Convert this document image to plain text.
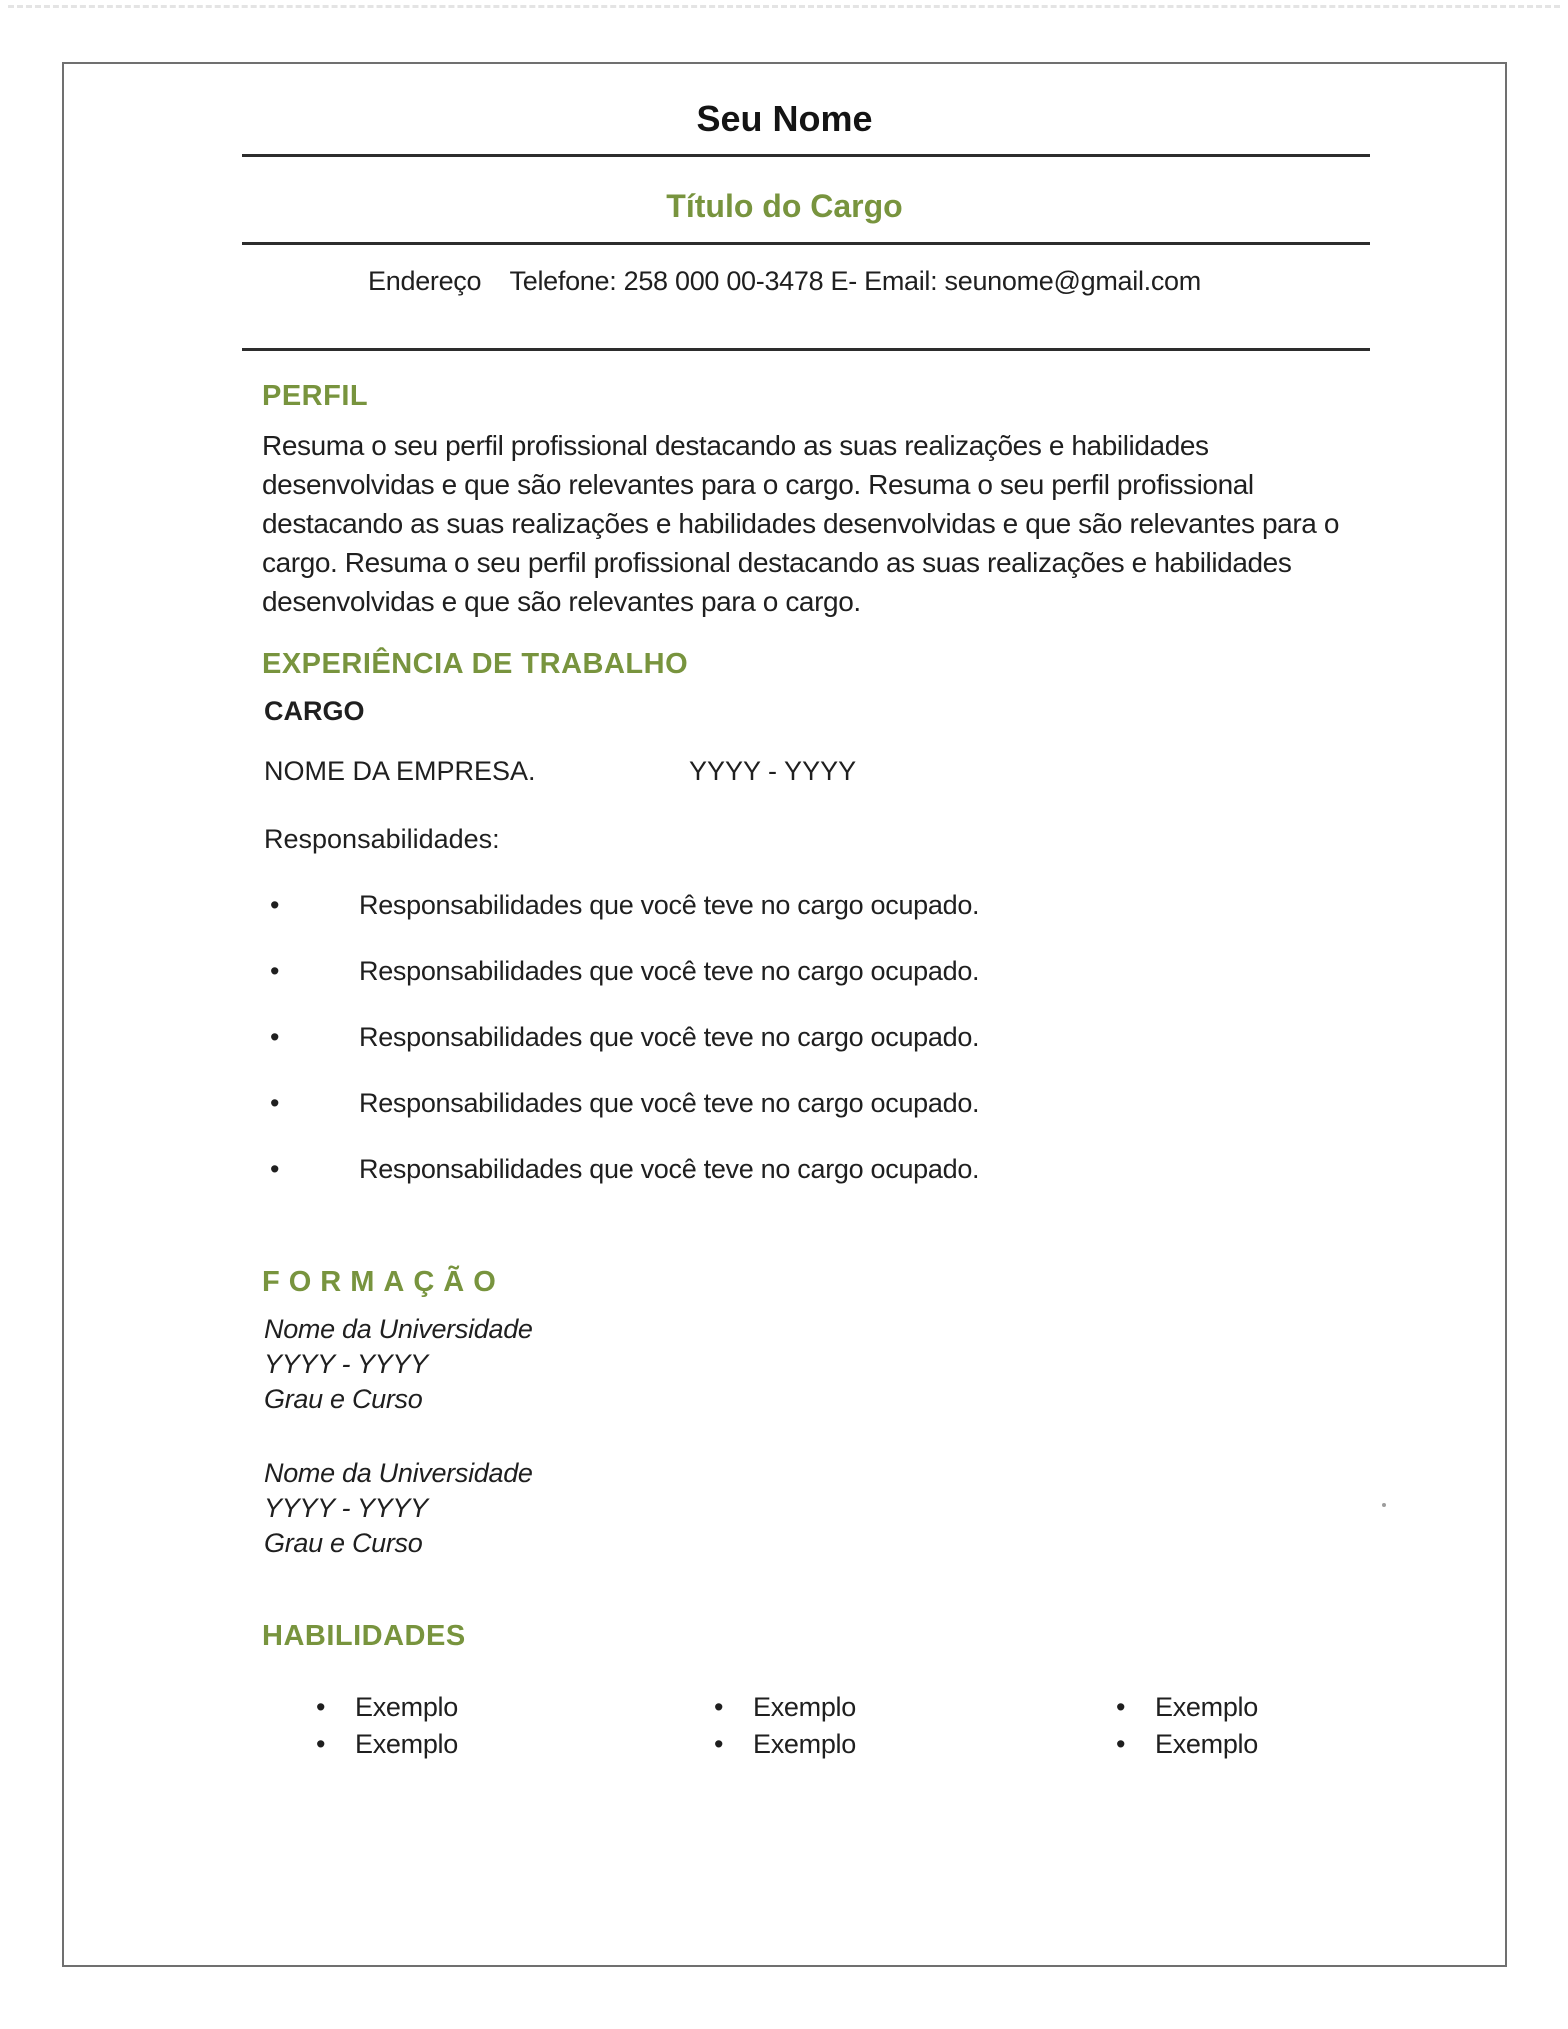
Seu Nome
Título do Cargo
Endereço    Telefone: 258 000 00-3478 E- Email: seunome@gmail.com
PERFIL
Resuma o seu perfil profissional destacando as suas realizações e habilidades desenvolvidas e que são relevantes para o cargo. Resuma o seu perfil profissional destacando as suas realizações e habilidades desenvolvidas e que são relevantes para o cargo. Resuma o seu perfil profissional destacando as suas realizações e habilidades desenvolvidas e que são relevantes para o cargo.
EXPERIÊNCIA DE TRABALHO
CARGO
NOME DA EMPRESA.	YYYY - YYYY
Responsabilidades:
•	Responsabilidades que você teve no cargo ocupado.
•	Responsabilidades que você teve no cargo ocupado.
•	Responsabilidades que você teve no cargo ocupado.
•	Responsabilidades que você teve no cargo ocupado.
•	Responsabilidades que você teve no cargo ocupado.
FORMAÇÃO
Nome da Universidade
YYYY - YYYY
Grau e Curso
Nome da Universidade
YYYY - YYYY
Grau e Curso
HABILIDADES
•	Exemplo
•	Exemplo
•	Exemplo
•	Exemplo
•	Exemplo
•	Exemplo
